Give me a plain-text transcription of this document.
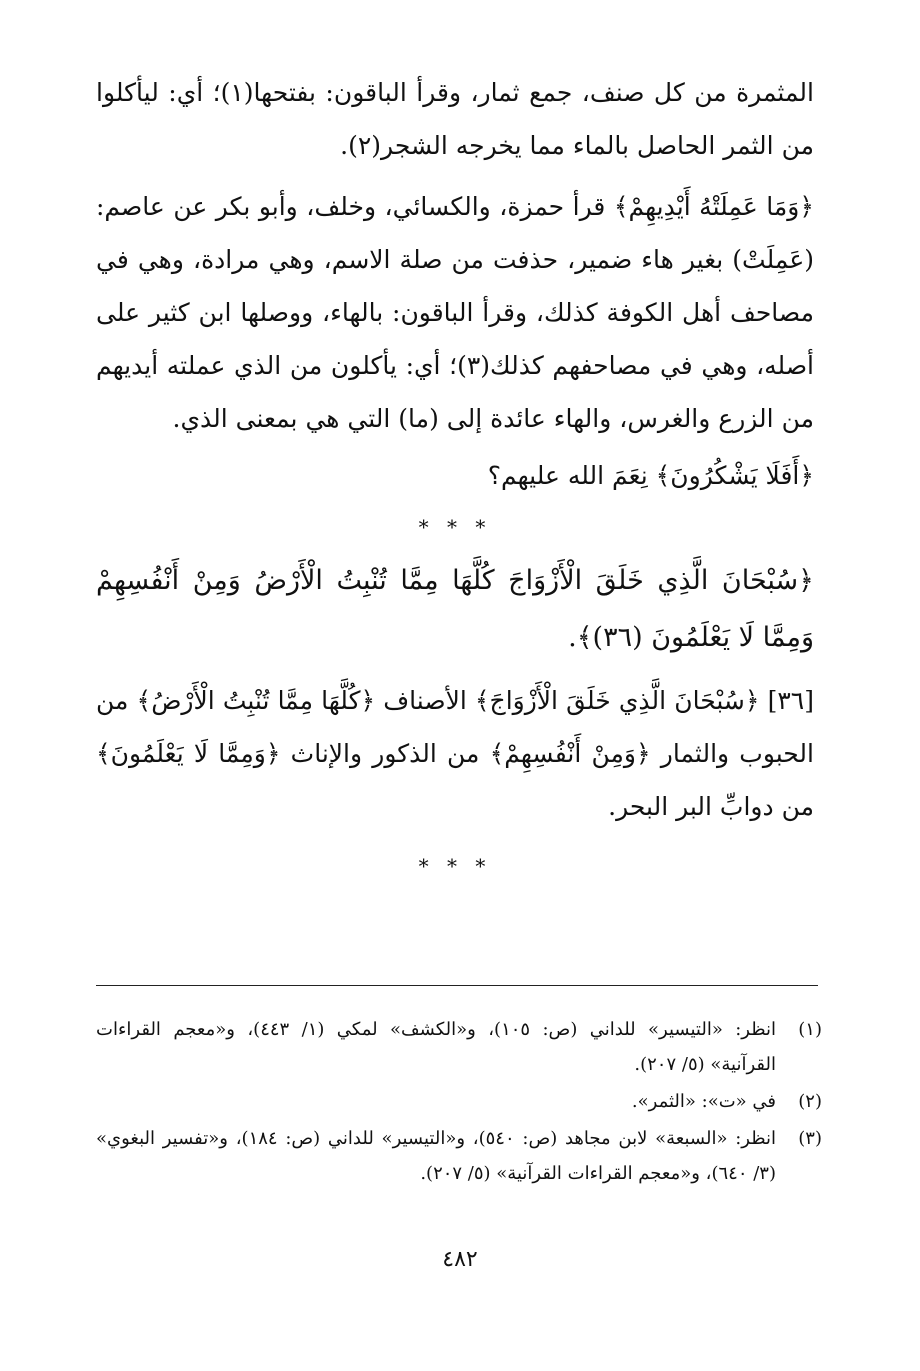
المثمرة من كل صنف، جمع ثمار، وقرأ الباقون: بفتحها(١)؛ أي: ليأكلوا من الثمر الحاصل بالماء مما يخرجه الشجر(٢).

﴿وَمَا عَمِلَتْهُ أَيْدِيهِمْ﴾ قرأ حمزة، والكسائي، وخلف، وأبو بكر عن عاصم: (عَمِلَتْ) بغير هاء ضمير، حذفت من صلة الاسم، وهي مرادة، وهي في مصاحف أهل الكوفة كذلك، وقرأ الباقون: بالهاء، ووصلها ابن كثير على أصله، وهي في مصاحفهم كذلك(٣)؛ أي: يأكلون من الذي عملته أيديهم من الزرع والغرس، والهاء عائدة إلى (ما) التي هي بمعنى الذي.

﴿أَفَلَا يَشْكُرُونَ﴾ نِعَمَ الله عليهم؟

* * *

﴿سُبْحَانَ الَّذِي خَلَقَ الْأَزْوَاجَ كُلَّهَا مِمَّا تُنْبِتُ الْأَرْضُ وَمِنْ أَنْفُسِهِمْ وَمِمَّا لَا يَعْلَمُونَ (٣٦)﴾.

[٣٦] ﴿سُبْحَانَ الَّذِي خَلَقَ الْأَزْوَاجَ﴾ الأصناف ﴿كُلَّهَا مِمَّا تُنْبِتُ الْأَرْضُ﴾ من الحبوب والثمار ﴿وَمِنْ أَنْفُسِهِمْ﴾ من الذكور والإناث ﴿وَمِمَّا لَا يَعْلَمُونَ﴾ من دوابِّ البر البحر.

* * *
(١)
انظر: «التيسير» للداني (ص: ١٠٥)، و«الكشف» لمكي (١/ ٤٤٣)، و«معجم القراءات القرآنية» (٥/ ٢٠٧).
(٢)
في «ت»: «الثمر».
(٣)
انظر: «السبعة» لابن مجاهد (ص: ٥٤٠)، و«التيسير» للداني (ص: ١٨٤)، و«تفسير البغوي» (٣/ ٦٤٠)، و«معجم القراءات القرآنية» (٥/ ٢٠٧).
٤٨٢
